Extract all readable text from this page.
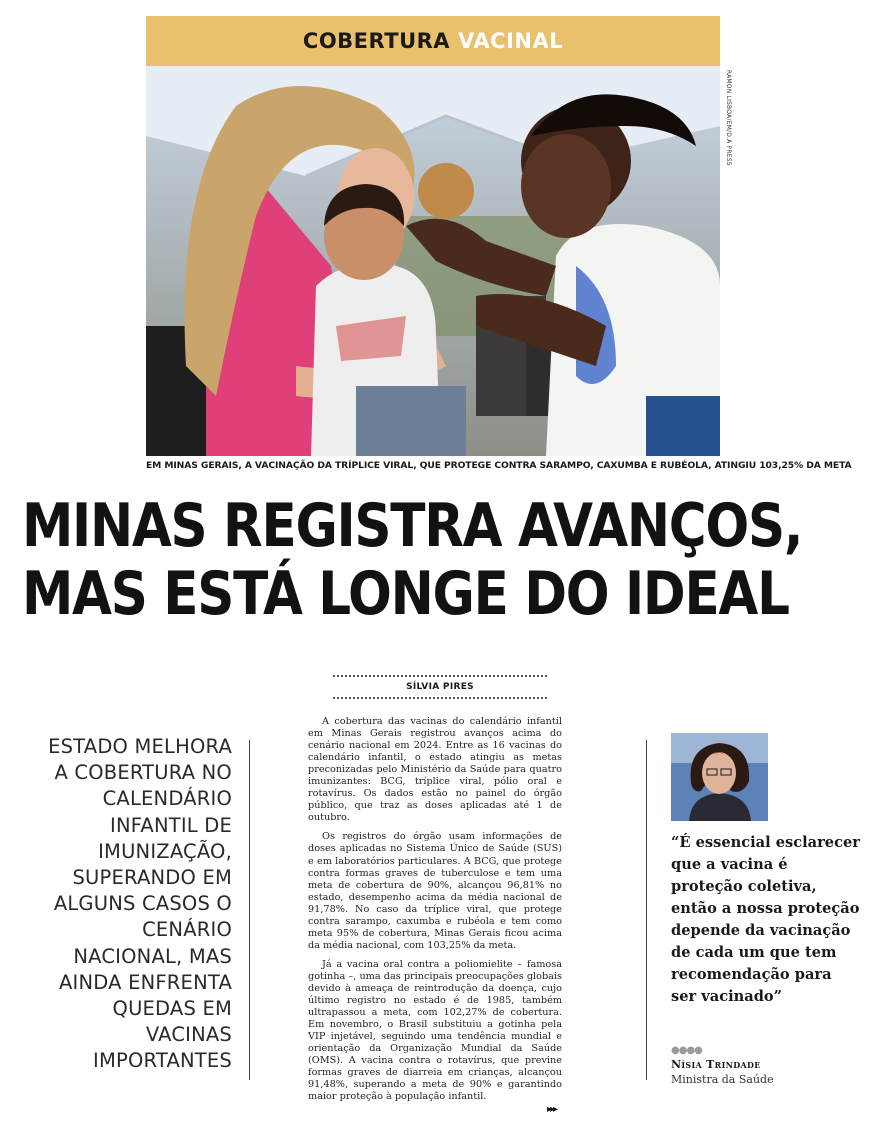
COBERTURA VACINAL
RAMON LISBOA/EM/D.A PRESS
EM MINAS GERAIS, A VACINAÇÃO DA TRÍPLICE VIRAL, QUE PROTEGE CONTRA SARAMPO, CAXUMBA E RUBÉOLA, ATINGIU 103,25% DA META
MINAS REGISTRA AVANÇOS,
MAS ESTÁ LONGE DO IDEAL
SÍLVIA PIRES
ESTADO MELHORA
A COBERTURA NO
CALENDÁRIO
INFANTIL DE
IMUNIZAÇÃO,
SUPERANDO EM
ALGUNS CASOS O
CENÁRIO
NACIONAL, MAS
AINDA ENFRENTA
QUEDAS EM
VACINAS
IMPORTANTES

A cobertura das vacinas do calendário infantil em Minas Gerais registrou avanços acima do cenário nacional em 2024. Entre as 16 vacinas do calendário infantil, o estado atingiu as metas preconizadas pelo Ministério da Saúde para quatro imunizantes: BCG, tríplice viral, pólio oral e rotavírus. Os dados estão no painel do órgão público, que traz as doses aplicadas até 1 de outubro.

Os registros do órgão usam informações de doses aplicadas no Sistema Único de Saúde (SUS) e em laboratórios particulares. A BCG, que protege contra formas graves de tuberculose e tem uma meta de cobertura de 90%, alcançou 96,81% no estado, desempenho acima da média nacional de 91,78%. No caso da tríplice viral, que protege contra sarampo, caxumba e rubéola e tem como meta 95% de cobertura, Minas Gerais ficou acima da média nacional, com 103,25% da meta.

Já a vacina oral contra a poliomielite – famosa gotinha –, uma das principais preocupações globais devido à ameaça de reintrodução da doença, cujo último registro no estado é de 1985, também ultrapassou a meta, com 102,27% de cobertura. Em novembro, o Brasil substituiu a gotinha pela VIP injetável, seguindo uma tendência mundial e orientação da Organização Mundial da Saúde (OMS). A vacina contra o rotavírus, que previne formas graves de diarreia em crianças, alcançou 91,48%, superando a meta de 90% e garantindo maior proteção à população infantil.

▸▸▸
“É essencial esclarecer que a vacina é proteção coletiva, então a nossa proteção depende da vacinação de cada um que tem recomendação para ser vacinado”
●●●●
Nísia Trindade
Ministra da Saúde
